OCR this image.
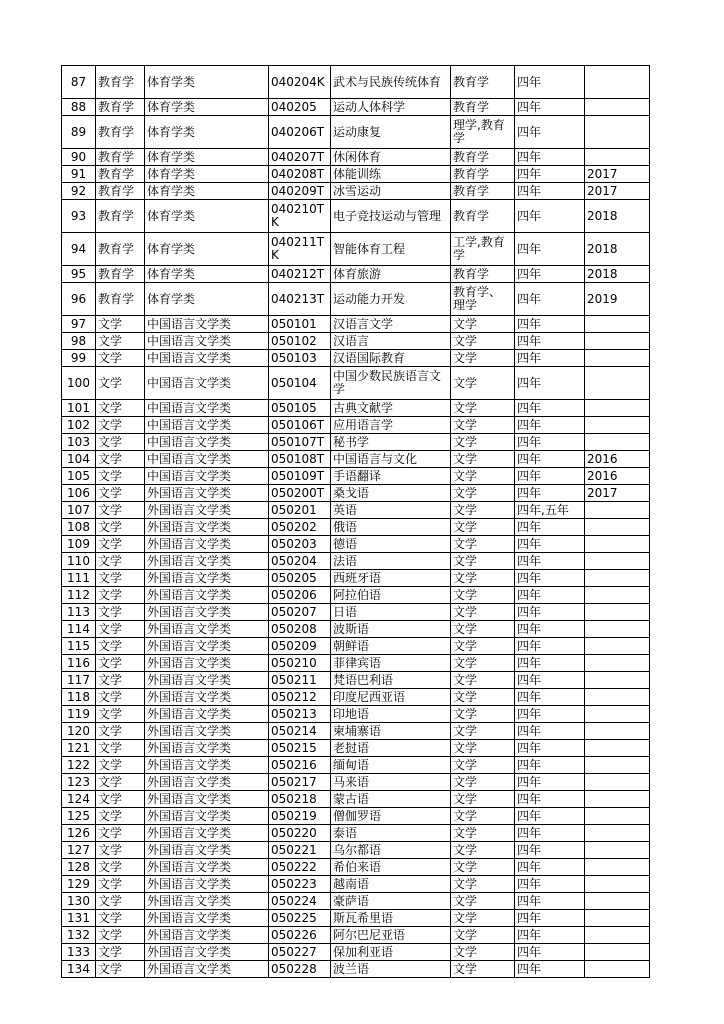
87	教育学	体育学类	040204K	武术与民族传统体育	教育学	四年	
88	教育学	体育学类	040205	运动人体科学	教育学	四年	
89	教育学	体育学类	040206T	运动康复	理学,教育学	四年	
90	教育学	体育学类	040207T	休闲体育	教育学	四年	
91	教育学	体育学类	040208T	体能训练	教育学	四年	2017
92	教育学	体育学类	040209T	冰雪运动	教育学	四年	2017
93	教育学	体育学类	040210TK	电子竞技运动与管理	教育学	四年	2018
94	教育学	体育学类	040211TK	智能体育工程	工学,教育学	四年	2018
95	教育学	体育学类	040212T	体育旅游	教育学	四年	2018
96	教育学	体育学类	040213T	运动能力开发	教育学、理学	四年	2019
97	文学	中国语言文学类	050101	汉语言文学	文学	四年	
98	文学	中国语言文学类	050102	汉语言	文学	四年	
99	文学	中国语言文学类	050103	汉语国际教育	文学	四年	
100	文学	中国语言文学类	050104	中国少数民族语言文学	文学	四年	
101	文学	中国语言文学类	050105	古典文献学	文学	四年	
102	文学	中国语言文学类	050106T	应用语言学	文学	四年	
103	文学	中国语言文学类	050107T	秘书学	文学	四年	
104	文学	中国语言文学类	050108T	中国语言与文化	文学	四年	2016
105	文学	中国语言文学类	050109T	手语翻译	文学	四年	2016
106	文学	外国语言文学类	050200T	桑戈语	文学	四年	2017
107	文学	外国语言文学类	050201	英语	文学	四年,五年	
108	文学	外国语言文学类	050202	俄语	文学	四年	
109	文学	外国语言文学类	050203	德语	文学	四年	
110	文学	外国语言文学类	050204	法语	文学	四年	
111	文学	外国语言文学类	050205	西班牙语	文学	四年	
112	文学	外国语言文学类	050206	阿拉伯语	文学	四年	
113	文学	外国语言文学类	050207	日语	文学	四年	
114	文学	外国语言文学类	050208	波斯语	文学	四年	
115	文学	外国语言文学类	050209	朝鲜语	文学	四年	
116	文学	外国语言文学类	050210	菲律宾语	文学	四年	
117	文学	外国语言文学类	050211	梵语巴利语	文学	四年	
118	文学	外国语言文学类	050212	印度尼西亚语	文学	四年	
119	文学	外国语言文学类	050213	印地语	文学	四年	
120	文学	外国语言文学类	050214	柬埔寨语	文学	四年	
121	文学	外国语言文学类	050215	老挝语	文学	四年	
122	文学	外国语言文学类	050216	缅甸语	文学	四年	
123	文学	外国语言文学类	050217	马来语	文学	四年	
124	文学	外国语言文学类	050218	蒙古语	文学	四年	
125	文学	外国语言文学类	050219	僧伽罗语	文学	四年	
126	文学	外国语言文学类	050220	泰语	文学	四年	
127	文学	外国语言文学类	050221	乌尔都语	文学	四年	
128	文学	外国语言文学类	050222	希伯来语	文学	四年	
129	文学	外国语言文学类	050223	越南语	文学	四年	
130	文学	外国语言文学类	050224	豪萨语	文学	四年	
131	文学	外国语言文学类	050225	斯瓦希里语	文学	四年	
132	文学	外国语言文学类	050226	阿尔巴尼亚语	文学	四年	
133	文学	外国语言文学类	050227	保加利亚语	文学	四年	
134	文学	外国语言文学类	050228	波兰语	文学	四年	
